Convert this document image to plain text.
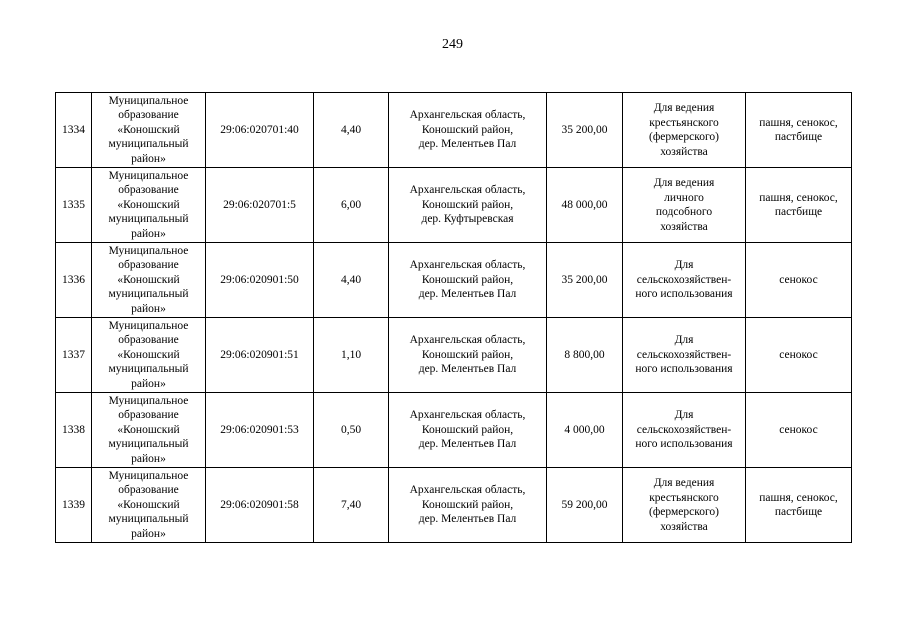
249
1334	Муниципальное
образование
«Коношский
муниципальный
район»	29:06:020701:40	4,40	Архангельская область,
Коношский район,
дер. Мелентьев Пал	35 200,00	Для ведения
крестьянского
(фермерского)
хозяйства	пашня, сенокос,
пастбище

1335	Муниципальное
образование
«Коношский
муниципальный
район»	29:06:020701:5	6,00	Архангельская область,
Коношский район,
дер. Куфтыревская	48 000,00	Для ведения
личного
подсобного
хозяйства	пашня, сенокос,
пастбище

1336	Муниципальное
образование
«Коношский
муниципальный
район»	29:06:020901:50	4,40	Архангельская область,
Коношский район,
дер. Мелентьев Пал	35 200,00	Для
сельскохозяйствен-
ного использования	сенокос

1337	Муниципальное
образование
«Коношский
муниципальный
район»	29:06:020901:51	1,10	Архангельская область,
Коношский район,
дер. Мелентьев Пал	8 800,00	Для
сельскохозяйствен-
ного использования	сенокос

1338	Муниципальное
образование
«Коношский
муниципальный
район»	29:06:020901:53	0,50	Архангельская область,
Коношский район,
дер. Мелентьев Пал	4 000,00	Для
сельскохозяйствен-
ного использования	сенокос

1339	Муниципальное
образование
«Коношский
муниципальный
район»	29:06:020901:58	7,40	Архангельская область,
Коношский район,
дер. Мелентьев Пал	59 200,00	Для ведения
крестьянского
(фермерского)
хозяйства	пашня, сенокос,
пастбище
